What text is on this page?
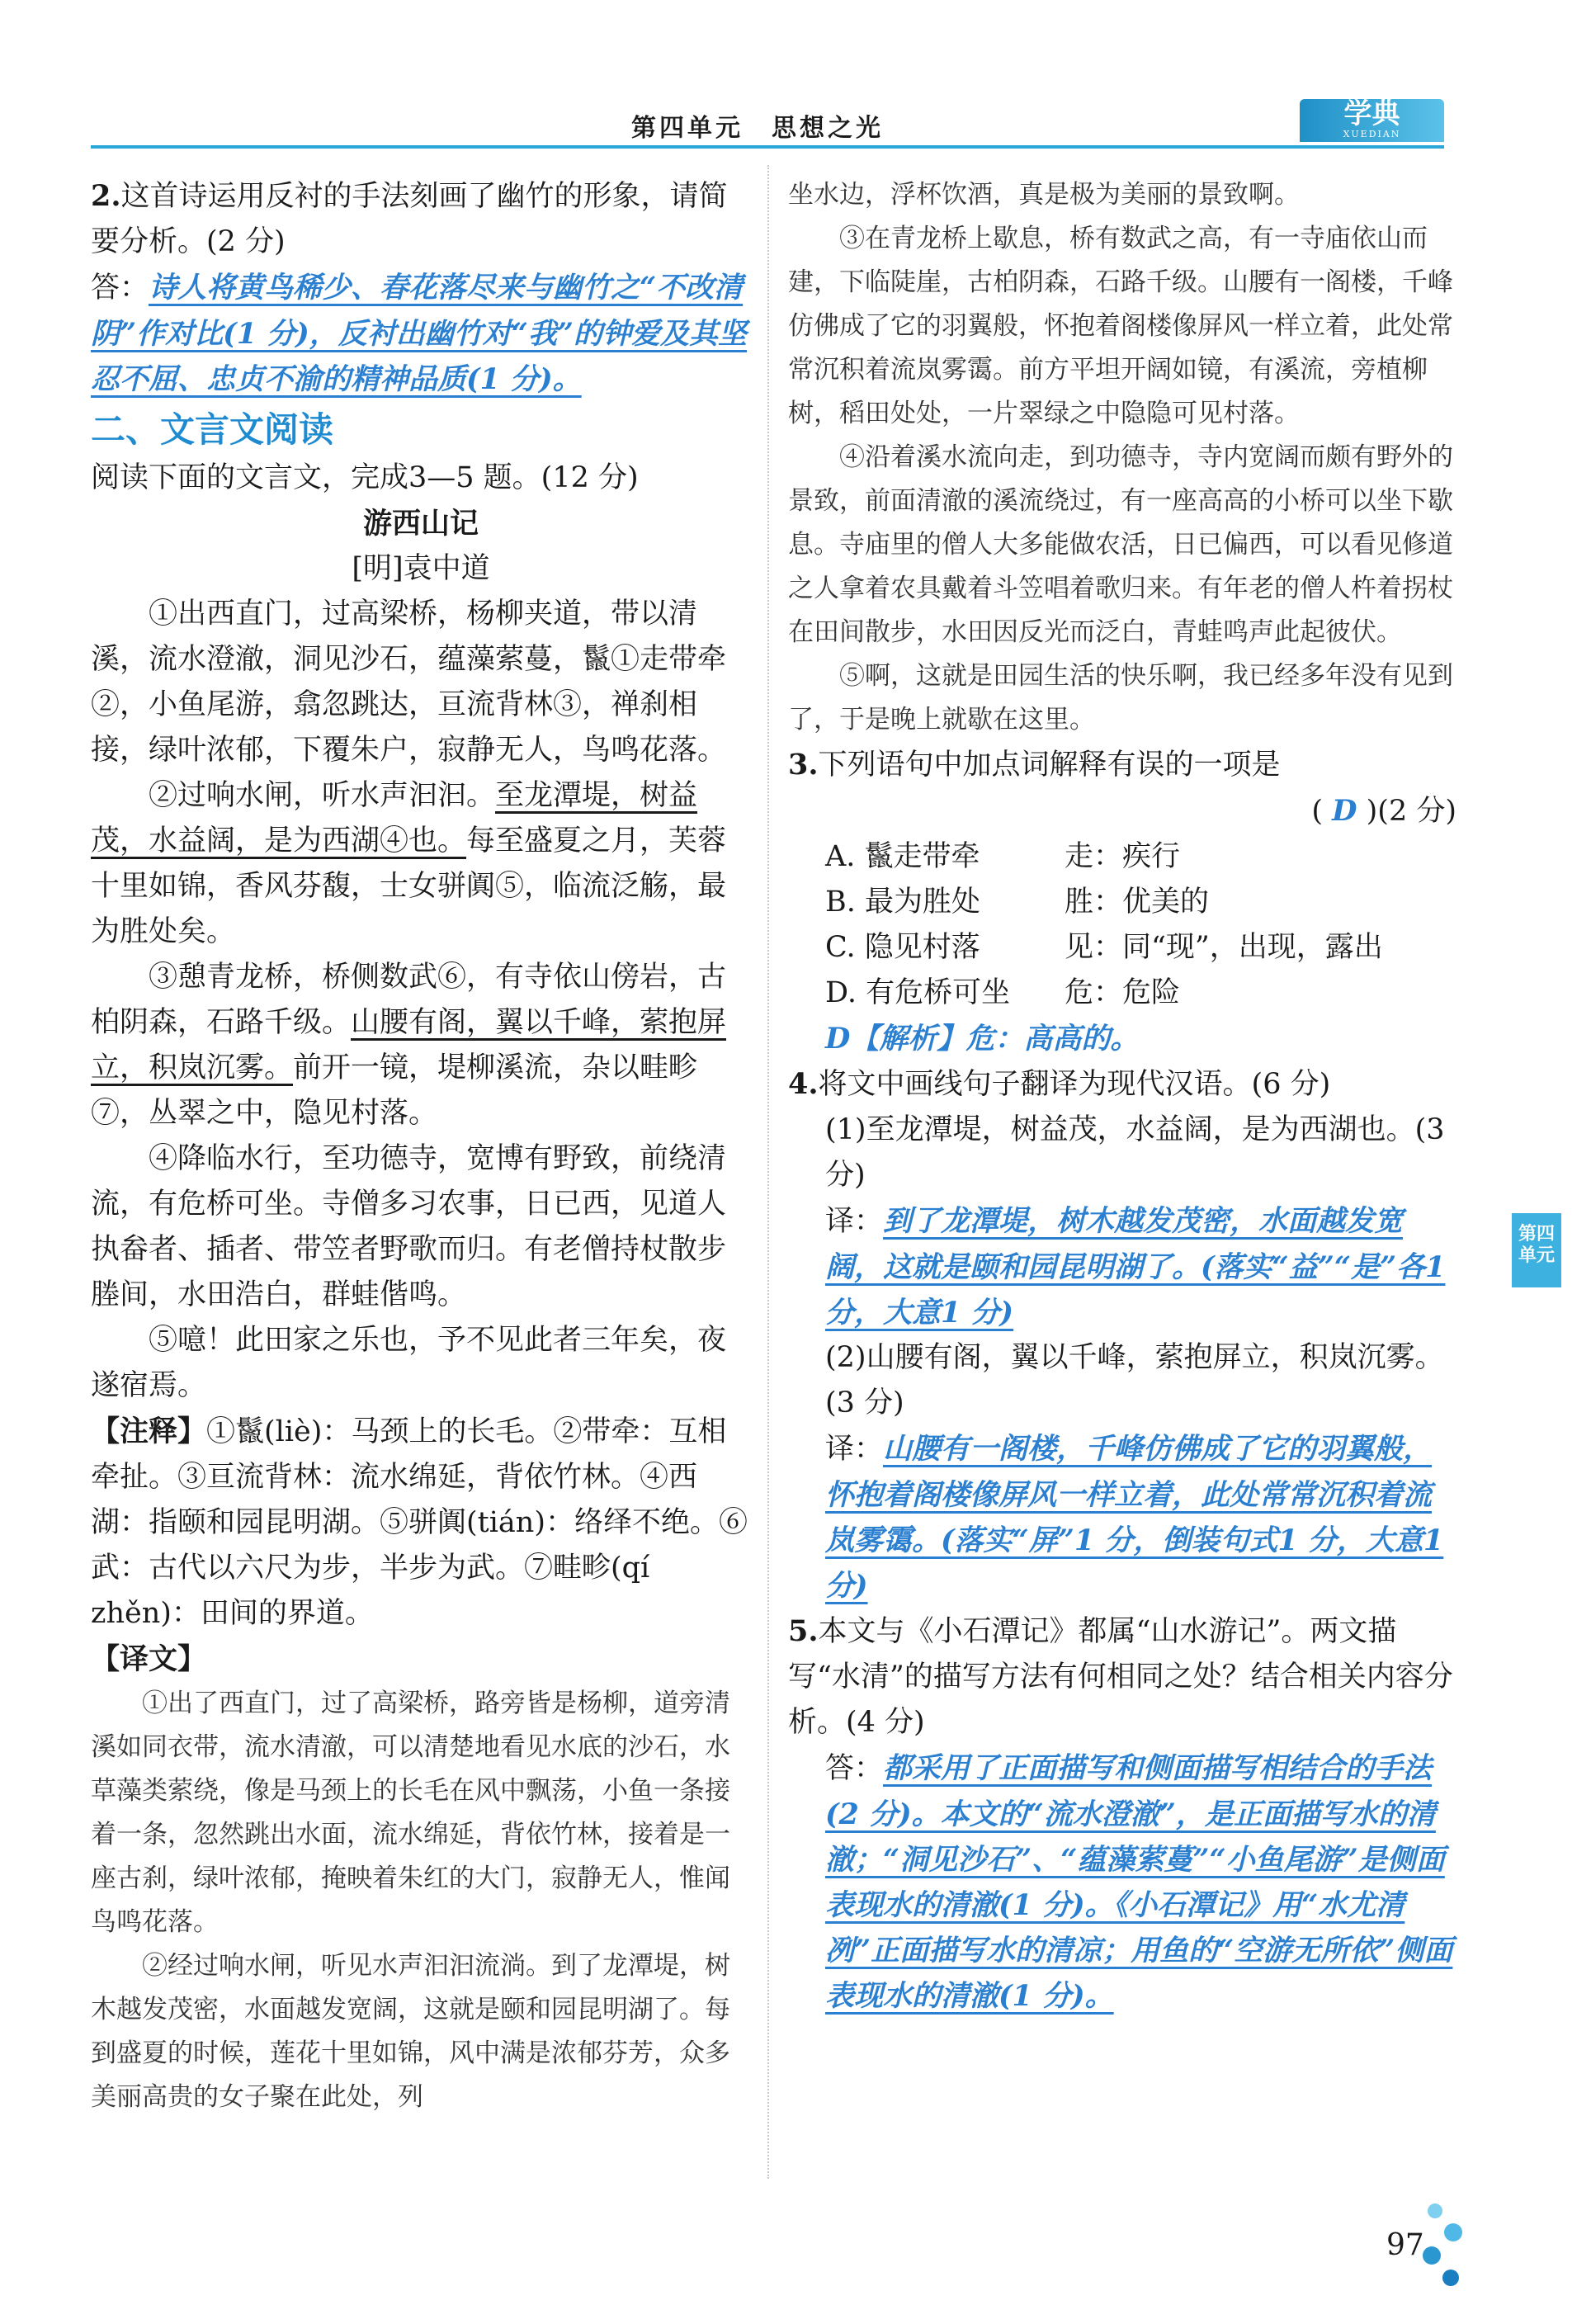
第四单元　思想之光	学典
XUEDIAN

2.这首诗运用反衬的手法刻画了幽竹的形象，请简要分析。(2 分)

答：诗人将黄鸟稀少、春花落尽来与幽竹之“不改清阴”作对比(1 分)，反衬出幽竹对“我”的钟爱及其坚忍不屈、忠贞不渝的精神品质(1 分)。

二、文言文阅读

阅读下面的文言文，完成3—5 题。(12 分)

游西山记

[明]袁中道

①出西直门，过高梁桥，杨柳夹道，带以清溪，流水澄澈，洞见沙石，蕴藻萦蔓，鬣①走带牵②，小鱼尾游，翕忽跳达，亘流背林③，禅刹相接，绿叶浓郁，下覆朱户，寂静无人，鸟鸣花落。

②过响水闸，听水声汩汩。至龙潭堤，树益茂，水益阔，是为西湖④也。每至盛夏之月，芙蓉十里如锦，香风芬馥，士女骈阗⑤，临流泛觞，最为胜处矣。

③憩青龙桥，桥侧数武⑥，有寺依山傍岩，古柏阴森，石路千级。山腰有阁，翼以千峰，萦抱屏立，积岚沉雾。前开一镜，堤柳溪流，杂以畦畛⑦，丛翠之中，隐见村落。

④降临水行，至功德寺，宽博有野致，前绕清流，有危桥可坐。寺僧多习农事，日已西，见道人执畚者、插者、带笠者野歌而归。有老僧持杖散步塍间，水田浩白，群蛙偕鸣。

⑤噫！此田家之乐也，予不见此者三年矣，夜遂宿焉。

【注释】①鬣(liè)：马颈上的长毛。②带牵：互相牵扯。③亘流背林：流水绵延，背依竹林。④西湖：指颐和园昆明湖。⑤骈阗(tián)：络绎不绝。⑥武：古代以六尺为步，半步为武。⑦畦畛(qí zhěn)：田间的界道。

【译文】

①出了西直门，过了高梁桥，路旁皆是杨柳，道旁清溪如同衣带，流水清澈，可以清楚地看见水底的沙石，水草藻类萦绕，像是马颈上的长毛在风中飘荡，小鱼一条接着一条，忽然跳出水面，流水绵延，背依竹林，接着是一座古刹，绿叶浓郁，掩映着朱红的大门，寂静无人，惟闻鸟鸣花落。

②经过响水闸，听见水声汩汩流淌。到了龙潭堤，树木越发茂密，水面越发宽阔，这就是颐和园昆明湖了。每到盛夏的时候，莲花十里如锦，风中满是浓郁芬芳，众多美丽高贵的女子聚在此处，列

坐水边，浮杯饮酒，真是极为美丽的景致啊。

③在青龙桥上歇息，桥有数武之高，有一寺庙依山而建，下临陡崖，古柏阴森，石路千级。山腰有一阁楼，千峰仿佛成了它的羽翼般，怀抱着阁楼像屏风一样立着，此处常常沉积着流岚雾霭。前方平坦开阔如镜，有溪流，旁植柳树，稻田处处，一片翠绿之中隐隐可见村落。

④沿着溪水流向走，到功德寺，寺内宽阔而颇有野外的景致，前面清澈的溪流绕过，有一座高高的小桥可以坐下歇息。寺庙里的僧人大多能做农活，日已偏西，可以看见修道之人拿着农具戴着斗笠唱着歌归来。有年老的僧人杵着拐杖在田间散步，水田因反光而泛白，青蛙鸣声此起彼伏。

⑤啊，这就是田园生活的快乐啊，我已经多年没有见到了，于是晚上就歇在这里。

3.下列语句中加点词解释有误的一项是

( D )(2 分)

A. 鬣走带牵	走：疾行
B. 最为胜处	胜：优美的
C. 隐见村落	见：同“现”，出现，露出
D. 有危桥可坐	危：危险

D【解析】危：高高的。

4.将文中画线句子翻译为现代汉语。(6 分)

(1)至龙潭堤，树益茂，水益阔，是为西湖也。(3 分)

译：到了龙潭堤，树木越发茂密，水面越发宽阔，这就是颐和园昆明湖了。(落实“益”“是”各1 分，大意1 分)

(2)山腰有阁，翼以千峰，萦抱屏立，积岚沉雾。(3 分)

译：山腰有一阁楼，千峰仿佛成了它的羽翼般，怀抱着阁楼像屏风一样立着，此处常常沉积着流岚雾霭。(落实“屏”1 分，倒装句式1 分，大意1 分)

5.本文与《小石潭记》都属“山水游记”。两文描写“水清”的描写方法有何相同之处？结合相关内容分析。(4 分)

答：都采用了正面描写和侧面描写相结合的手法(2 分)。本文的“流水澄澈”，是正面描写水的清澈；“洞见沙石”、“蕴藻萦蔓”“小鱼尾游”是侧面表现水的清澈(1 分)。《小石潭记》用“水尤清冽”正面描写水的清凉；用鱼的“空游无所依”侧面表现水的清澈(1 分)。

第四单元
97
